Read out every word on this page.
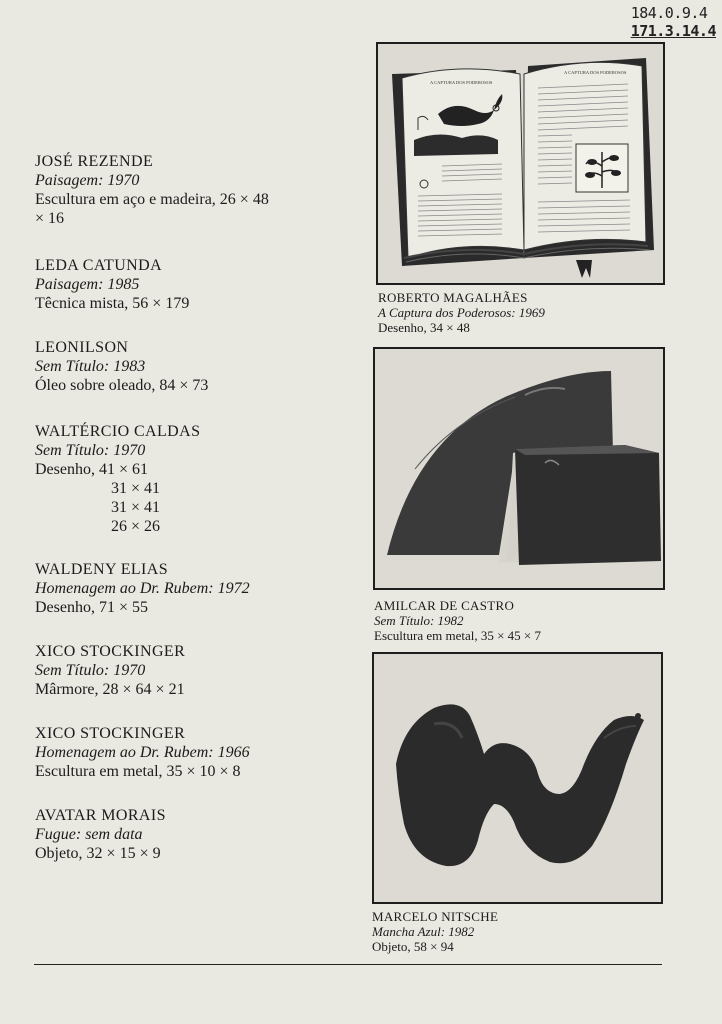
184.0.9.4
171.3.14.4
JOSÉ REZENDE
Paisagem: 1970
Escultura em aço e madeira, 26 × 48
× 16
LEDA CATUNDA
Paisagem: 1985
Têcnica mista, 56 × 179
LEONILSON
Sem Título: 1983
Óleo sobre oleado, 84 × 73
WALTÉRCIO CALDAS
Sem Título: 1970
Desenho, 41 × 61
31 × 41
31 × 41
26 × 26
WALDENY ELIAS
Homenagem ao Dr. Rubem: 1972
Desenho, 71 × 55
XICO STOCKINGER
Sem Título: 1970
Mârmore, 28 × 64 × 21
XICO STOCKINGER
Homenagem ao Dr. Rubem: 1966
Escultura em metal, 35 × 10 × 8
AVATAR MORAIS
Fugue: sem data
Objeto, 32 × 15 × 9
A CAPTURA DOS PODEROSOS
A CAPTURA DOS PODEROSOS
ROBERTO MAGALHÃES
A Captura dos Poderosos: 1969
Desenho, 34 × 48
AMILCAR DE CASTRO
Sem Título: 1982
Escultura em metal, 35 × 45 × 7
MARCELO NITSCHE
Mancha Azul: 1982
Objeto, 58 × 94
